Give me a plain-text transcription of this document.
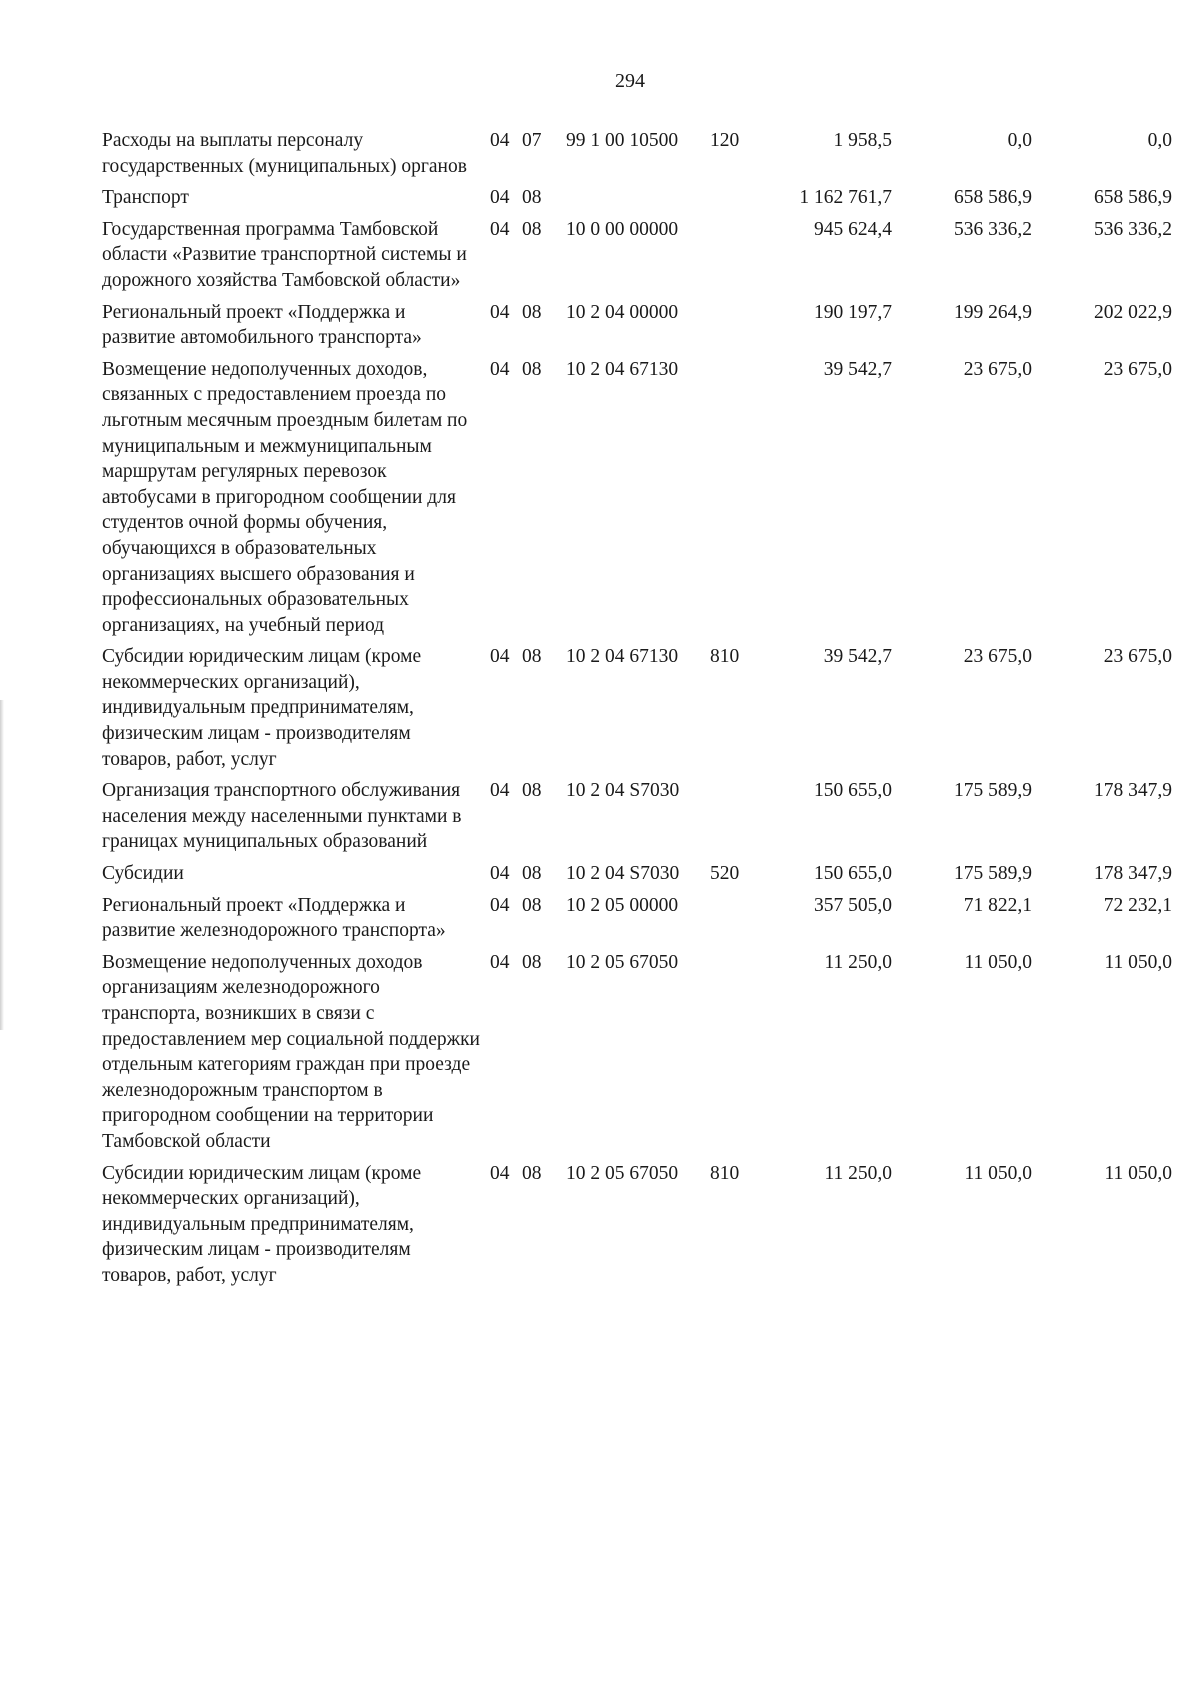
294
Расходы на выплаты персоналу государственных (муниципальных) органов	04	07	99 1 00 10500	120	1 958,5	0,0	0,0
Транспорт	04	08			1 162 761,7	658 586,9	658 586,9
Государственная программа Тамбовской области «Развитие транспортной системы и дорожного хозяйства Тамбовской области»	04	08	10 0 00 00000		945 624,4	536 336,2	536 336,2
Региональный проект «Поддержка и развитие автомобильного транспорта»	04	08	10 2 04 00000		190 197,7	199 264,9	202 022,9
Возмещение недополученных доходов, связанных с предоставлением проезда по льготным месячным проездным билетам по муниципальным и межмуниципальным маршрутам регулярных перевозок автобусами в пригородном сообщении для студентов очной формы обучения, обучающихся в образовательных организациях высшего образования и профессиональных образовательных организациях, на учебный период	04	08	10 2 04 67130		39 542,7	23 675,0	23 675,0
Субсидии юридическим лицам (кроме некоммерческих организаций), индивидуальным предпринимателям, физическим лицам - производителям товаров, работ, услуг	04	08	10 2 04 67130	810	39 542,7	23 675,0	23 675,0
Организация транспортного обслуживания населения между населенными пунктами в границах муниципальных образований	04	08	10 2 04 S7030		150 655,0	175 589,9	178 347,9
Субсидии	04	08	10 2 04 S7030	520	150 655,0	175 589,9	178 347,9
Региональный проект «Поддержка и развитие железнодорожного транспорта»	04	08	10 2 05 00000		357 505,0	71 822,1	72 232,1
Возмещение недополученных доходов организациям железнодорожного транспорта, возникших в связи с предоставлением мер социальной поддержки отдельным категориям граждан при проезде железнодорожным транспортом в пригородном сообщении на территории Тамбовской области	04	08	10 2 05 67050		11 250,0	11 050,0	11 050,0
Субсидии юридическим лицам (кроме некоммерческих организаций), индивидуальным предпринимателям, физическим лицам - производителям товаров, работ, услуг	04	08	10 2 05 67050	810	11 250,0	11 050,0	11 050,0
